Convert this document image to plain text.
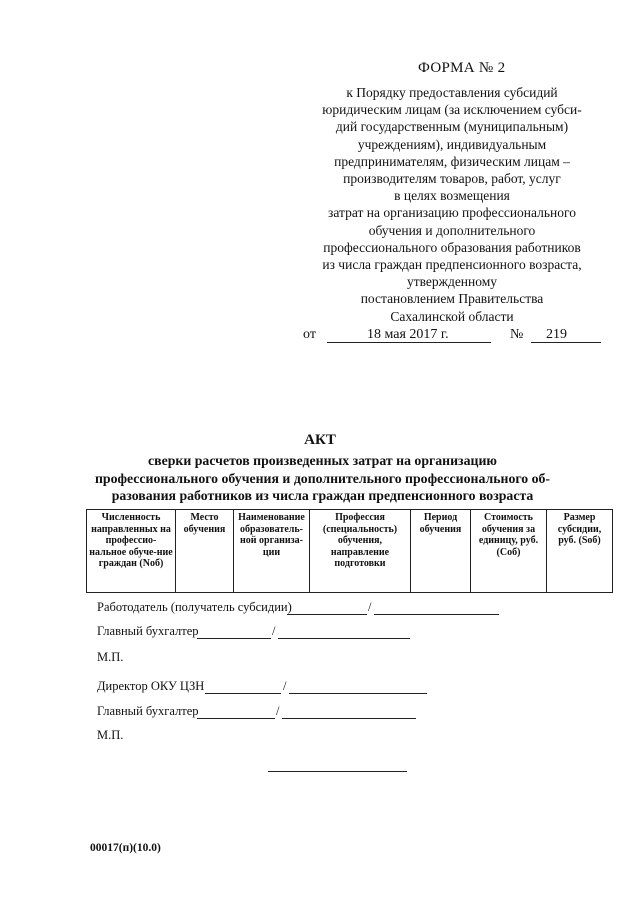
ФОРМА № 2
к Порядку предоставления субсидий
юридическим лицам (за исключением субси-
дий государственным (муниципальным)
учреждениям), индивидуальным
предпринимателям, физическим лицам –
производителям товаров, работ, услуг
в целях возмещения
затрат на организацию профессионального
обучения и дополнительного
профессионального образования работников
из числа граждан предпенсионного возраста,
утвержденному
постановлением Правительства
Сахалинской области
от	18 мая 2017 г.	№ 219
АКТ
сверки расчетов произведенных затрат на организацию
профессионального обучения и дополнительного профессионального об-
разования работников из числа граждан предпенсионного возраста
Численность направленных на профессио-нальное обуче-ние граждан (Nоб)	Место обучения	Наименование образователь-ной организа-ции	Профессия (специальность) обучения, направление подготовки	Период обучения	Стоимость обучения за единицу, руб.(Cоб)	Размер субсидии, руб. (Sоб)
Работодатель (получатель субсидии)	/
Главный бухгалтер	/
М.П.
Директор ОКУ ЦЗН	/
Главный бухгалтер	/
М.П.
00017(п)(10.0)
